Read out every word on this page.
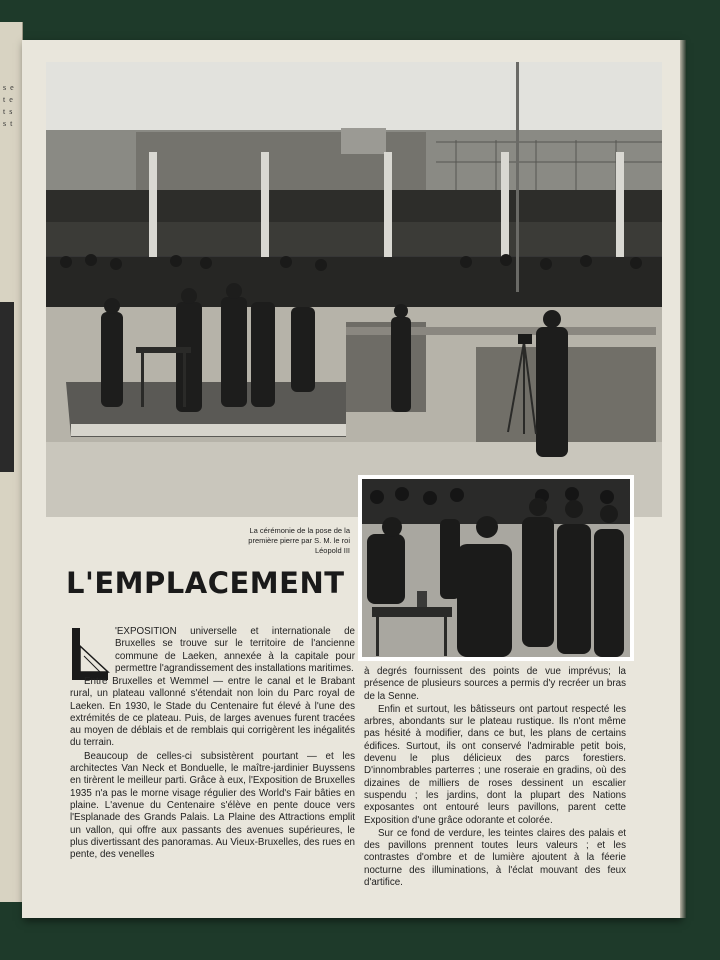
s e
t e
t s
s t
La cérémonie de la pose de la première pierre par S. M. le roi Léopold III
L'EMPLACEMENT

'EXPOSITION universelle et internationale de Bruxelles se trouve sur le territoire de l'ancienne commune de Laeken, annexée à la capitale pour permettre l'agrandissement des installations maritimes.

Entre Bruxelles et Wemmel — entre le canal et le Brabant rural, un plateau vallonné s'étendait non loin du Parc royal de Laeken. En 1930, le Stade du Centenaire fut élevé à l'une des extrémités de ce plateau. Puis, de larges avenues furent tracées au moyen de déblais et de remblais qui corrigèrent les inégalités du terrain.

Beaucoup de celles-ci subsistèrent pourtant — et les architectes Van Neck et Bonduelle, le maître-jardinier Buyssens en tirèrent le meilleur parti. Grâce à eux, l'Exposition de Bruxelles 1935 n'a pas le morne visage régulier des World's Fair bâties en plaine. L'avenue du Centenaire s'élève en pente douce vers l'Esplanade des Grands Palais. La Plaine des Attractions emplit un vallon, qui offre aux passants des avenues supérieures, le plus divertissant des panoramas. Au Vieux-Bruxelles, des rues en pente, des venelles

à degrés fournissent des points de vue imprévus; la présence de plusieurs sources a permis d'y recréer un bras de la Senne.

Enfin et surtout, les bâtisseurs ont partout respecté les arbres, abondants sur le plateau rustique. Ils n'ont même pas hésité à modifier, dans ce but, les plans de certains édifices. Surtout, ils ont conservé l'admirable petit bois, devenu le plus délicieux des parcs forestiers. D'innombrables parterres ; une roseraie en gradins, où des dizaines de milliers de roses dessinent un escalier suspendu ; les jardins, dont la plupart des Nations exposantes ont entouré leurs pavillons, parent cette Exposition d'une grâce odorante et colorée.

Sur ce fond de verdure, les teintes claires des palais et des pavillons prennent toutes leurs valeurs ; et les contrastes d'ombre et de lumière ajoutent à la féerie nocturne des illuminations, à l'éclat mouvant des feux d'artifice.
